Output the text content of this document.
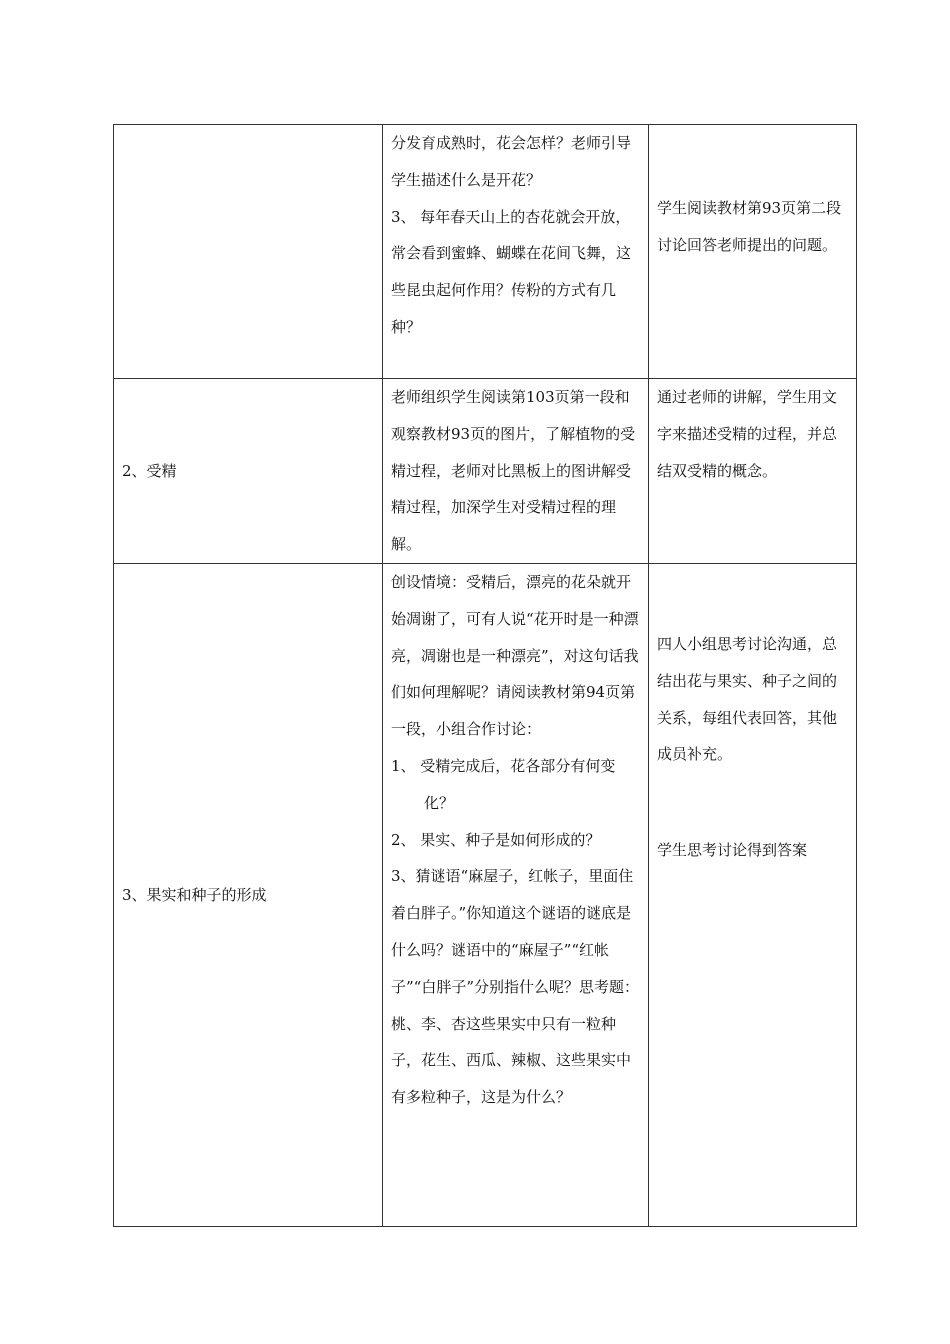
	分发育成熟时，花会怎样？老师引导学生描述什么是开花？
3、 每年春天山上的杏花就会开放，常会看到蜜蜂、蝴蝶在花间飞舞，这些昆虫起何作用？传粉的方式有几种？	学生阅读教材第93页第二段讨论回答老师提出的问题。

2、受精	老师组织学生阅读第103页第一段和观察教材93页的图片，了解植物的受精过程，老师对比黑板上的图讲解受精过程，加深学生对受精过程的理解。	通过老师的讲解，学生用文字来描述受精的过程，并总结双受精的概念。

3、果实和种子的形成	创设情境：受精后，漂亮的花朵就开始凋谢了，可有人说“花开时是一种漂亮，凋谢也是一种漂亮”，对这句话我们如何理解呢？请阅读教材第94页第一段，小组合作讨论：
1、 受精完成后，花各部分有何变化？
2、 果实、种子是如何形成的？
3、猜谜语“麻屋子，红帐子，里面住着白胖子。”你知道这个谜语的谜底是什么吗？谜语中的“麻屋子”“红帐子”“白胖子”分别指什么呢？思考题：
桃、李、杏这些果实中只有一粒种子，花生、西瓜、辣椒、这些果实中有多粒种子，这是为什么？	四人小组思考讨论沟通，总结出花与果实、种子之间的关系，每组代表回答，其他成员补充。
学生思考讨论得到答案
